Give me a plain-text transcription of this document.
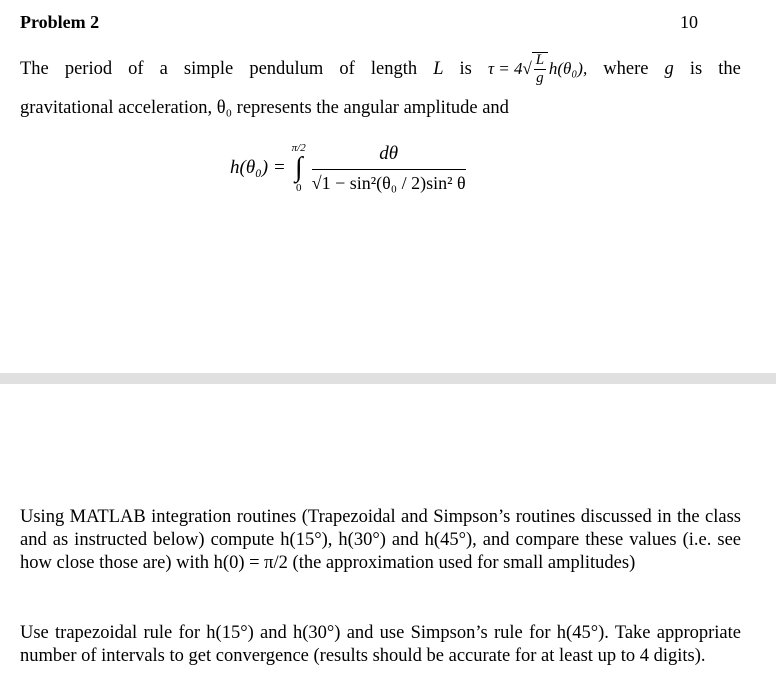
Problem 2	10
The period of a simple pendulum of length L is τ = 4 √ L
g h(θ₀), where g is the
gravitational acceleration, θ₀ represents the angular amplitude and
h(θ₀) =
π/2
∫
$0 \frac{d\theta}{\text{√1 − sin²(θ₀ / 2)sin² θ}}$
Using MATLAB integration routines (Trapezoidal and Simpson’s routines discussed in the class and as instructed below) compute h(15°), h(30°) and h(45°), and compare these values (i.e. see how close those are) with h(0) = π/2 (the approximation used for small amplitudes)
Use trapezoidal rule for h(15°) and h(30°) and use Simpson’s rule for h(45°). Take appropriate number of intervals to get convergence (results should be accurate for at least up to 4 digits).
